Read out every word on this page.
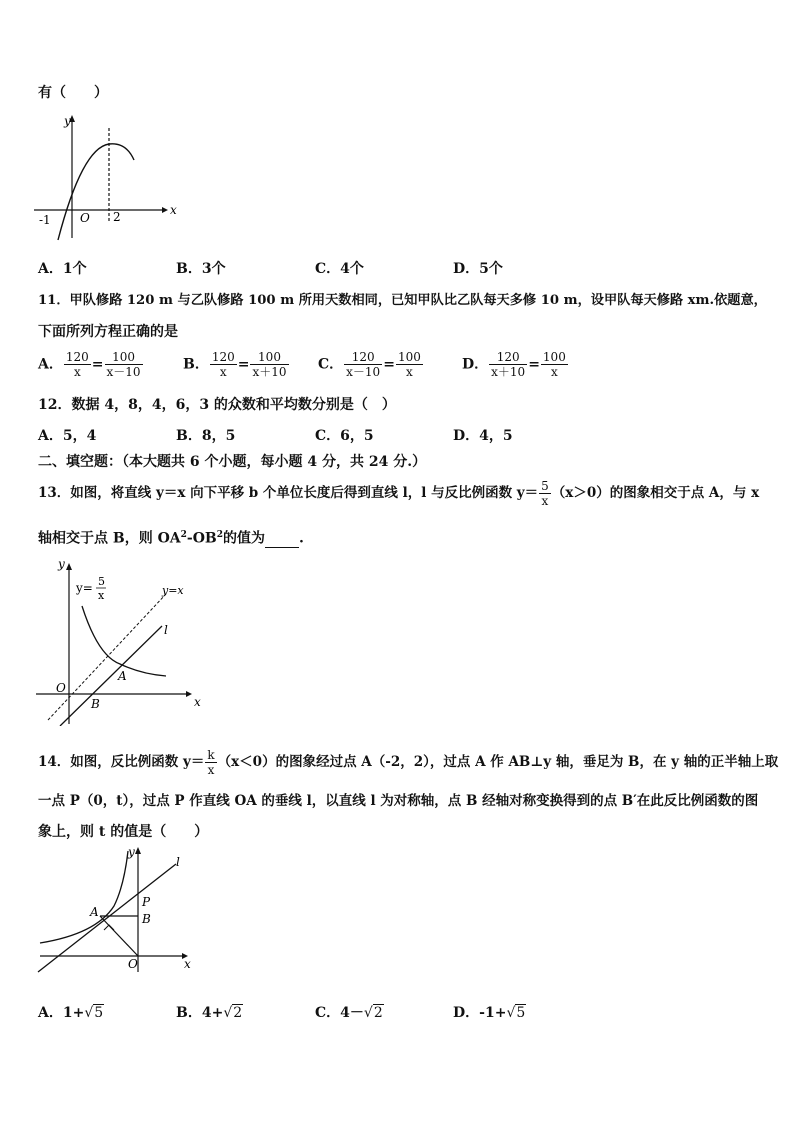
有（　　）
y
x
O
-1	2
A．1个	B．3个	C．4个	D．5个
11．甲队修路 120 m 与乙队修路 100 m 所用天数相同，已知甲队比乙队每天多修 10 m，设甲队每天修路 xm.依题意，
下面所列方程正确的是
A． $\frac{120}{x} = \frac{100}{x-10}$	B． $\frac{120}{x} = \frac{100}{x+10}$ C． $\frac{120}{x-10} = \frac{100}{x}$	D． $\frac{120}{x+10} = \frac{100}{x}$
12．数据 4，8，4，6，3 的众数和平均数分别是（　）
A．5，4	B．8，5	C．6，5	D．4，5
二、填空题：（本大题共 6 个小题，每小题 4 分，共 24 分.）
13．如图，将直线 y＝x 向下平移 b 个单位长度后得到直线 l，l 与反比例函数 $y= \frac{5}{x} (x>0)$的图象相交于点 A，与 x
轴相交于点 B，则 $OA^2-OB^2$的值为 .
y
x
O
A
B
l
y=x
y= 5
x
14．如图，反比例函数 $y= \frac{k}{x} (x<0)$的图象经过点 A（-2，2），过点 A 作 AB⊥y 轴，垂足为 B，在 y 轴的正半轴上取
一点 P（0，t），过点 P 作直线 OA 的垂线 l，以直线 l 为对称轴，点 B 经轴对称变换得到的点 B′在此反比例函数的图
象上，则 t 的值是（　　）
y
x
O
A	B
P
l
A．1+√5	B．4+√2	C．4－√2	D．-1+√5
